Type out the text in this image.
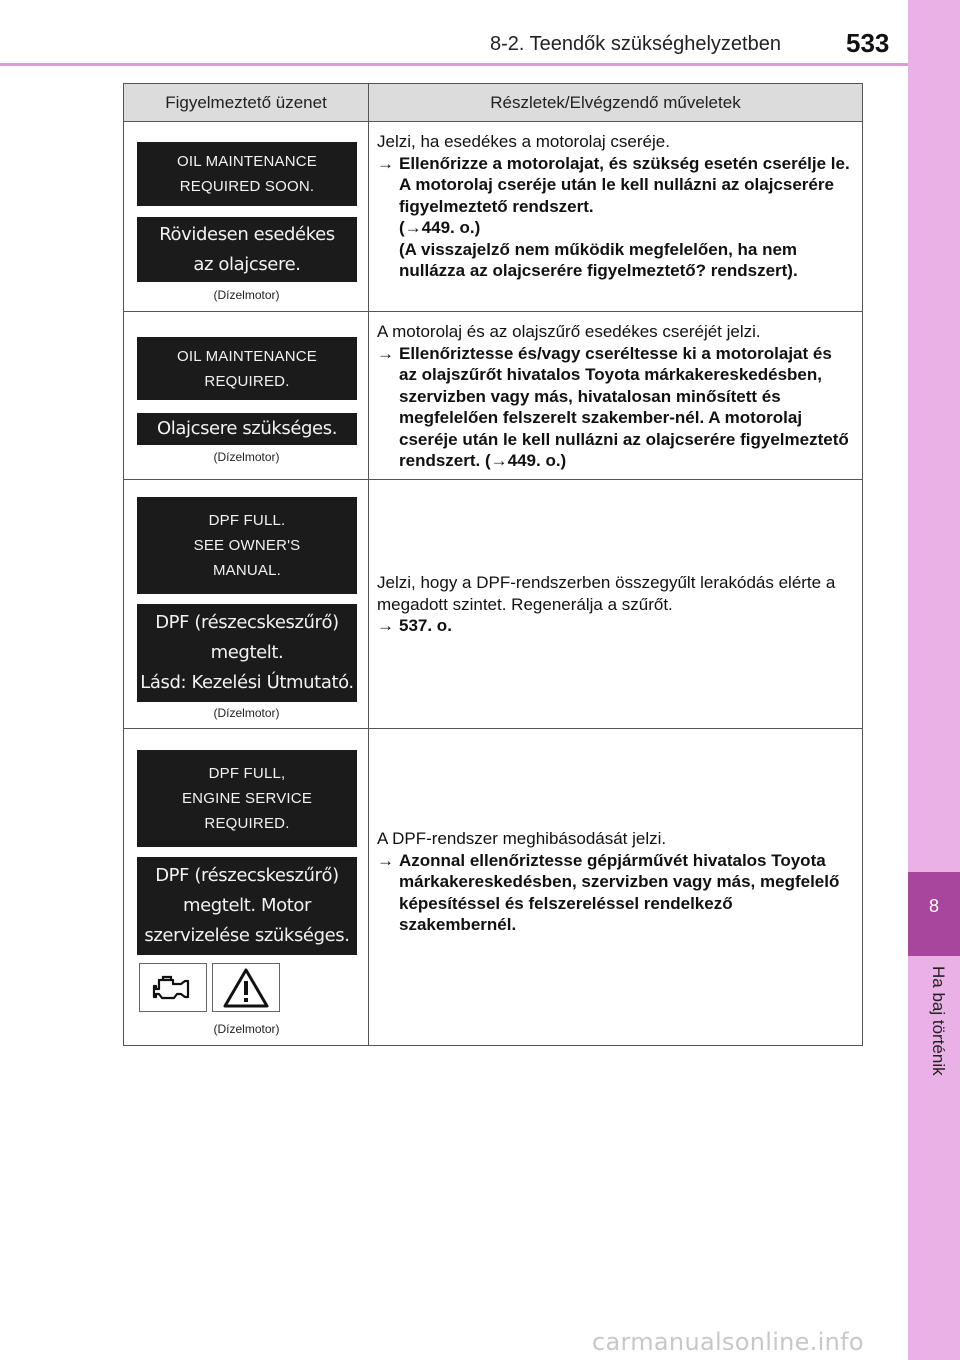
8-2. Teendők szükséghelyzetben	533
8
Ha baj történik
Figyelmeztető üzenet	Részletek/Elvégzendő műveletek
OIL MAINTENANCE
REQUIRED SOON.
Rövidesen esedékes
az olajcsere.
(Dízelmotor)
Jelzi, ha esedékes a motorolaj cseréje.
→ Ellenőrizze a motorolajat, és szükség esetén cserélje le. A motorolaj cseréje után le kell nullázni az olajcserére figyelmeztető rendszert.
(→449. o.)
(A visszajelző nem működik megfelelően, ha nem nullázza az olajcserére figyelmeztető? rendszert).
OIL MAINTENANCE
REQUIRED.
Olajcsere szükséges.
(Dízelmotor)
A motorolaj és az olajszűrő esedékes cseréjét jelzi.
→ Ellenőriztesse és/vagy cseréltesse ki a motorolajat és az olajszűrőt hivatalos Toyota márkakereskedésben, szervizben vagy más, hivatalosan minősített és megfelelően felszerelt szakember-nél. A motorolaj cseréje után le kell nullázni az olajcserére figyelmeztető rendszert. (→449. o.)
DPF FULL.
SEE OWNER'S
MANUAL.
DPF (részecskeszűrő)
megtelt.
Lásd: Kezelési Útmutató.
(Dízelmotor)
Jelzi, hogy a DPF-rendszerben összegyűlt lerakódás elérte a megadott szintet. Regenerálja a szűrőt.
→ 537. o.
DPF FULL,
ENGINE SERVICE
REQUIRED.
DPF (részecskeszűrő)
megtelt. Motor
szervizelése szükséges.
(Dízelmotor)
A DPF-rendszer meghibásodását jelzi.
→ Azonnal ellenőriztesse gépjárművét hivatalos Toyota márkakereskedésben, szervizben vagy más, megfelelő képesítéssel és felszereléssel rendelkező szakembernél.
carmanualsonline.info
